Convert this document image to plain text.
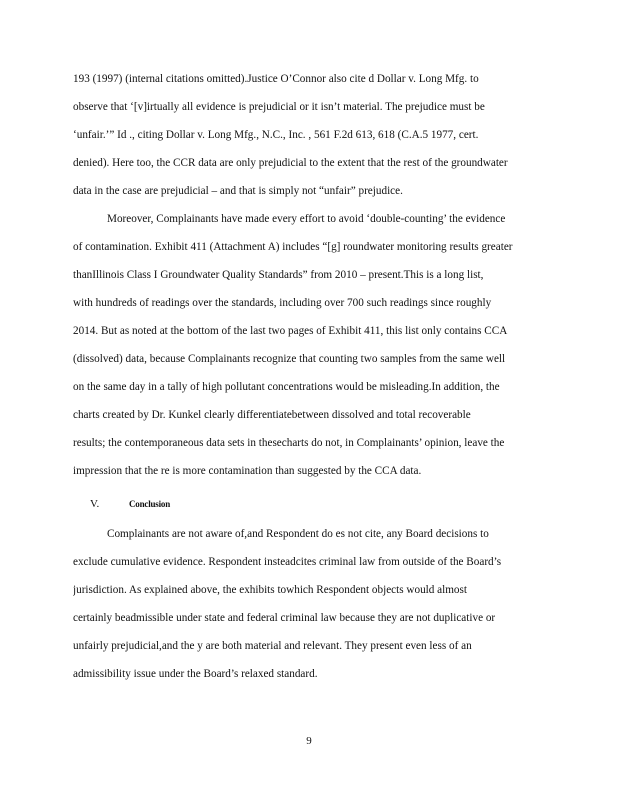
193 (1997) (internal citations omitted).Justice O’Connor also cite d Dollar v. Long Mfg. to
observe that ‘[v]irtually all evidence is prejudicial or it isn’t material. The prejudice must be
‘unfair.’” Id ., citing Dollar v. Long Mfg., N.C., Inc. , 561 F.2d 613, 618 (C.A.5 1977, cert.
denied). Here too, the CCR data are only prejudicial to the extent that the rest of the groundwater
data in the case are prejudicial – and that is simply not “unfair” prejudice.
Moreover, Complainants have made every effort to avoid ‘double-counting’ the evidence
of contamination. Exhibit 411 (Attachment A) includes “[g] roundwater monitoring results greater
thanIllinois Class I Groundwater Quality Standards” from 2010 – present.This is a long list,
with hundreds of readings over the standards, including over 700 such readings since roughly
2014. But as noted at the bottom of the last two pages of Exhibit 411, this list only contains CCA
(dissolved) data, because Complainants recognize that counting two samples from the same well
on the same day in a tally of high pollutant concentrations would be misleading.In addition, the
charts created by Dr. Kunkel clearly differentiatebetween dissolved and total recoverable
results; the contemporaneous data sets in thesecharts do not, in Complainants’ opinion, leave the
impression that the re is more contamination than suggested by the CCA data.
V.	Conclusion
Complainants are not aware of,and Respondent do es not cite, any Board decisions to
exclude cumulative evidence. Respondent insteadcites criminal law from outside of the Board’s
jurisdiction. As explained above, the exhibits towhich Respondent objects would almost
certainly beadmissible under state and federal criminal law because they are not duplicative or
unfairly prejudicial,and the y are both material and relevant. They present even less of an
admissibility issue under the Board’s relaxed standard.
9
